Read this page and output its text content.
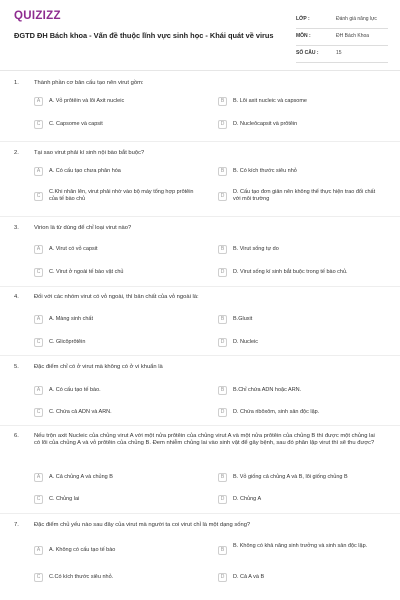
QUIZIZZ
ĐGTD ĐH Bách khoa - Vấn đề thuộc lĩnh vực sinh học - Khái quát về virus
LỚP :	Đánh giá năng lực
MÔN :	ĐH Bách Khoa
SỐ CÂU :	15
1.	Thành phần cơ bản cấu tạo nên virut gồm:
A	A. Vỏ prôtêin và lõi Axit nucleic	B	B. Lõi axit nucleic và capsome
C	C. Capsome và capsit	D	D. Nucleôcapsit và prôtêin
2.	Tại sao virut phải kí sinh nội bào bắt buộc?
A	A. Có cấu tạo chưa phân hóa	B	B. Có kích thước siêu nhỏ
C
C.Khi nhân lên, virut phải nhờ vào bộ máy tổng hợp prôtêin của tế bào chủ	D
D. Cấu tạo đơn giản nên không thể thực hiện trao đổi chất với môi trường
3.	Virion là từ dùng để chỉ loại virut nào?
A	A. Virut có vỏ capsit	B	B. Virut sống tự do
C	C. Virut ở ngoài tế bào vật chủ	D	D. Virut sống kí sinh bắt buộc trong tế bào chủ.
4.	Đối với các nhóm virut có vỏ ngoài, thì bản chất của vỏ ngoài là:
A	A. Màng sinh chất	B	B.Gluxit
C	C. Glicôprôtêin	D	D. Nucleic
5.	Đặc điểm chỉ có ở virut mà không có ở vi khuẩn là
A	A. Có cấu tạo tế bào.	B	B.Chỉ chứa ADN hoặc ARN.
C	C. Chứa cả ADN và ARN.	D	D. Chứa ribôxôm, sinh sản độc lập.
6.	Nếu trộn axit Nucleic của chủng virut A với một nửa prôtêin của chủng virut A và một nửa prôtêin của chủng B thì được một chủng lai có lõi của chủng A và vỏ prôtêin của chủng B. Đem nhiễm chủng lai vào sinh vật để gây bệnh, sau đó phân lập virut thì sẽ thu được?
A	A. Cả chủng A và chủng B	B	B. Vỏ giống cả chủng A và B, lõi giống chủng B
C	C. Chủng lai	D	D. Chủng A
7.	Đặc điểm chủ yếu nào sau đây của virut mà người ta coi virut chỉ là một dạng sống?
A	A. Không có cấu tạo tế bào	B
B. Không có khả năng sinh trưởng và sinh sản độc lập.
C	C.Có kích thước siêu nhỏ.	D	D. Cả A và B
